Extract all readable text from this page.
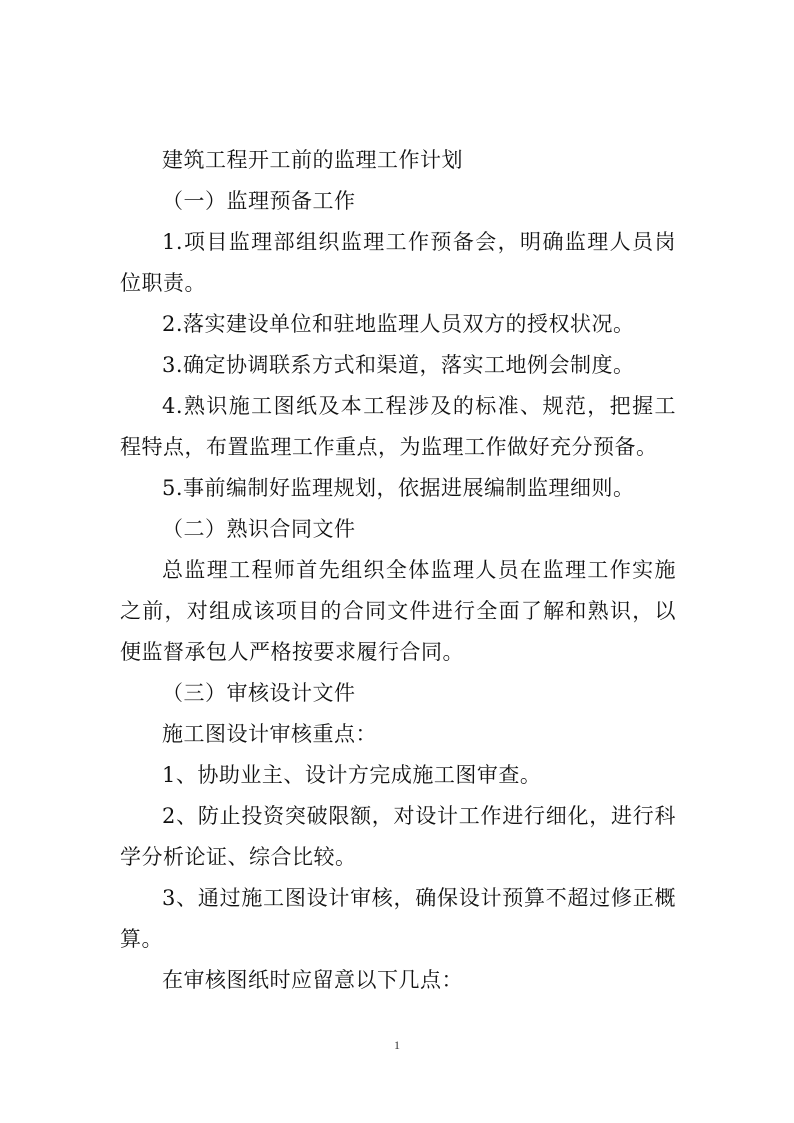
建筑工程开工前的监理工作计划

（一）监理预备工作

1.项目监理部组织监理工作预备会，明确监理人员岗位职责。

2.落实建设单位和驻地监理人员双方的授权状况。

3.确定协调联系方式和渠道，落实工地例会制度。

4.熟识施工图纸及本工程涉及的标准、规范，把握工程特点，布置监理工作重点，为监理工作做好充分预备。

5.事前编制好监理规划，依据进展编制监理细则。

（二）熟识合同文件

总监理工程师首先组织全体监理人员在监理工作实施之前，对组成该项目的合同文件进行全面了解和熟识，以便监督承包人严格按要求履行合同。

（三）审核设计文件

施工图设计审核重点：

1、协助业主、设计方完成施工图审查。

2、防止投资突破限额，对设计工作进行细化，进行科学分析论证、综合比较。

3、通过施工图设计审核，确保设计预算不超过修正概算。

在审核图纸时应留意以下几点：

1
